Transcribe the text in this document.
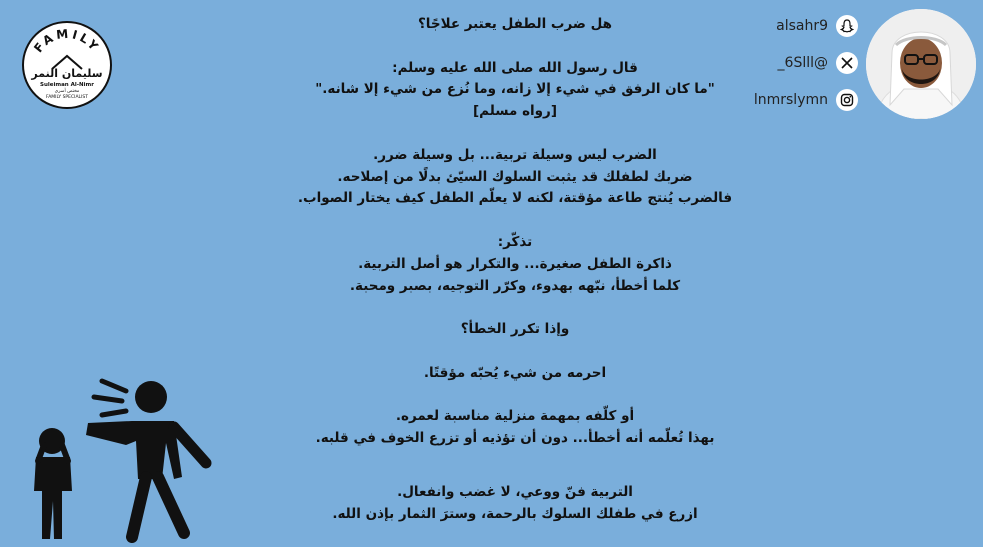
FAMILY
سليمان النمر
Suleiman Al-Nimr
مختص أسري
FAMILY SPECIALIST

هل ضرب الطفل يعتبر علاجًا؟

قال رسول الله صلى الله عليه وسلم:

"ما كان الرفق في شيء إلا زانه، وما نُزع من شيء إلا شانه."

[رواه مسلم]

الضرب ليس وسيلة تربية... بل وسيلة ضرر.

ضربك لطفلك قد يثبت السلوك السيّئ بدلًا من إصلاحه.

فالضرب يُنتج طاعة مؤقتة، لكنه لا يعلّم الطفل كيف يختار الصواب.

تذكّر:

ذاكرة الطفل صغيرة... والتكرار هو أصل التربية.

كلما أخطأ، نبّهه بهدوء، وكرّر التوجيه، بصبر ومحبة.

وإذا تكرر الخطأ؟

احرمه من شيء يُحبّه مؤقتًا.

أو كلّفه بمهمة منزلية مناسبة لعمره.

بهذا تُعلّمه أنه أخطأ... دون أن تؤذيه أو تزرع الخوف في قلبه.

التربية فنّ ووعي، لا غضب وانفعال.

ازرع في طفلك السلوك بالرحمة، وسترَ الثمار بإذن الله.

alsahr9
_6Slll@
lnmrslymn
